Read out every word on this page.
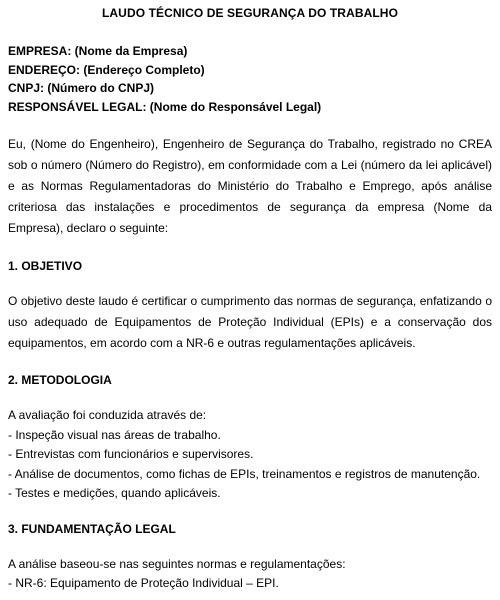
LAUDO TÉCNICO DE SEGURANÇA DO TRABALHO
EMPRESA: (Nome da Empresa)
ENDEREÇO: (Endereço Completo)
CNPJ: (Número do CNPJ)
RESPONSÁVEL LEGAL: (Nome do Responsável Legal)

Eu, (Nome do Engenheiro), Engenheiro de Segurança do Trabalho, registrado no CREA sob o número (Número do Registro), em conformidade com a Lei (número da lei aplicável) e as Normas Regulamentadoras do Ministério do Trabalho e Emprego, após análise criteriosa das instalações e procedimentos de segurança da empresa (Nome da Empresa), declaro o seguinte:

1. OBJETIVO

O objetivo deste laudo é certificar o cumprimento das normas de segurança, enfatizando o uso adequado de Equipamentos de Proteção Individual (EPIs) e a conservação dos equipamentos, em acordo com a NR-6 e outras regulamentações aplicáveis.

2. METODOLOGIA

A avaliação foi conduzida através de:

- Inspeção visual nas áreas de trabalho.

- Entrevistas com funcionários e supervisores.

- Análise de documentos, como fichas de EPIs, treinamentos e registros de manutenção.

- Testes e medições, quando aplicáveis.

3. FUNDAMENTAÇÃO LEGAL

A análise baseou-se nas seguintes normas e regulamentações:

- NR-6: Equipamento de Proteção Individual – EPI.
